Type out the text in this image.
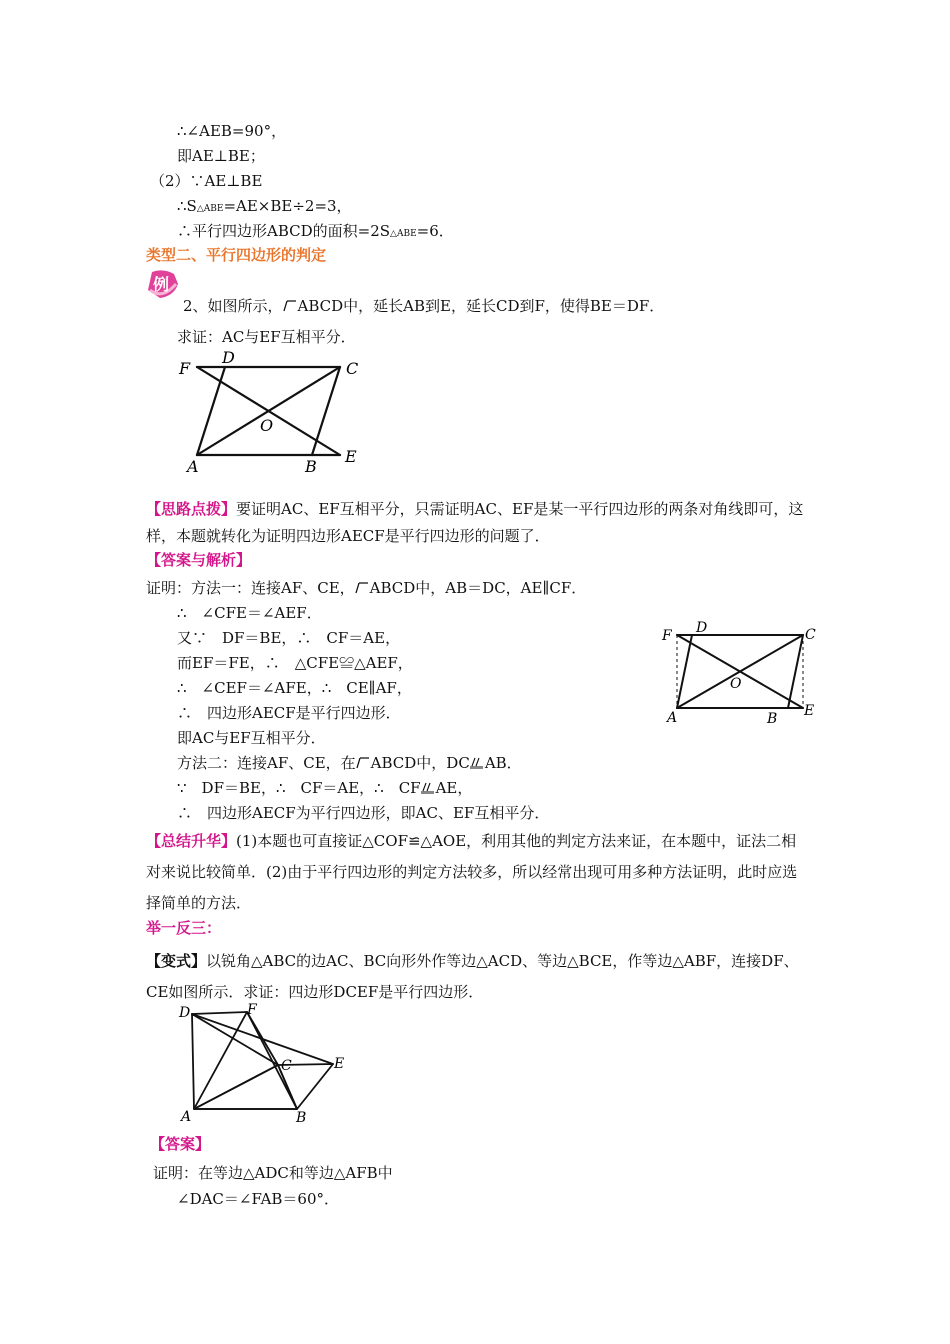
∴∠AEB=90°，
即AE⊥BE；
（2）∵AE⊥BE
∴S△ABE=AE×BE÷2=3，
∴平行四边形ABCD的面积=2S△ABE=6．
类型二、平行四边形的判定
例
2、如图所示， ABCD中，延长AB到E，延长CD到F，使得BE＝DF．
求证：AC与EF互相平分．
F
D
C
O
A	B
E
【思路点拨】要证明AC、EF互相平分，只需证明AC、EF是某一平行四边形的两条对角线即可，这样，本题就转化为证明四边形AECF是平行四边形的问题了．
【答案与解析】
证明：方法一：连接AF、CE， ABCD中，AB＝DC，AE∥CF．
∴　∠CFE＝∠AEF．
又∵　DF＝BE，∴　CF＝AE，
而EF＝FE，∴　△CFE≌△AEF，
∴　∠CEF＝∠AFE，∴　CE∥AF，
∴　四边形AECF是平行四边形．
即AC与EF互相平分．
方法二：连接AF、CE，在 ABCD中，DC AB．
∵　DF＝BE，∴　CF＝AE，∴　CF AE，
∴　四边形AECF为平行四边形，即AC、EF互相平分．
F D	C
O
A	B E
【总结升华】(1)本题也可直接证△COF≌△AOE，利用其他的判定方法来证，在本题中，证法二相对来说比较简单．(2)由于平行四边形的判定方法较多，所以经常出现可用多种方法证明，此时应选择简单的方法．
举一反三：
【变式】以锐角△ABC的边AC、BC向形外作等边△ACD、等边△BCE，作等边△ABF，连接DF、CE如图所示．求证：四边形DCEF是平行四边形．
D	F
C	E
A	B
【答案】
证明：在等边△ADC和等边△AFB中
∠DAC＝∠FAB＝60°．
